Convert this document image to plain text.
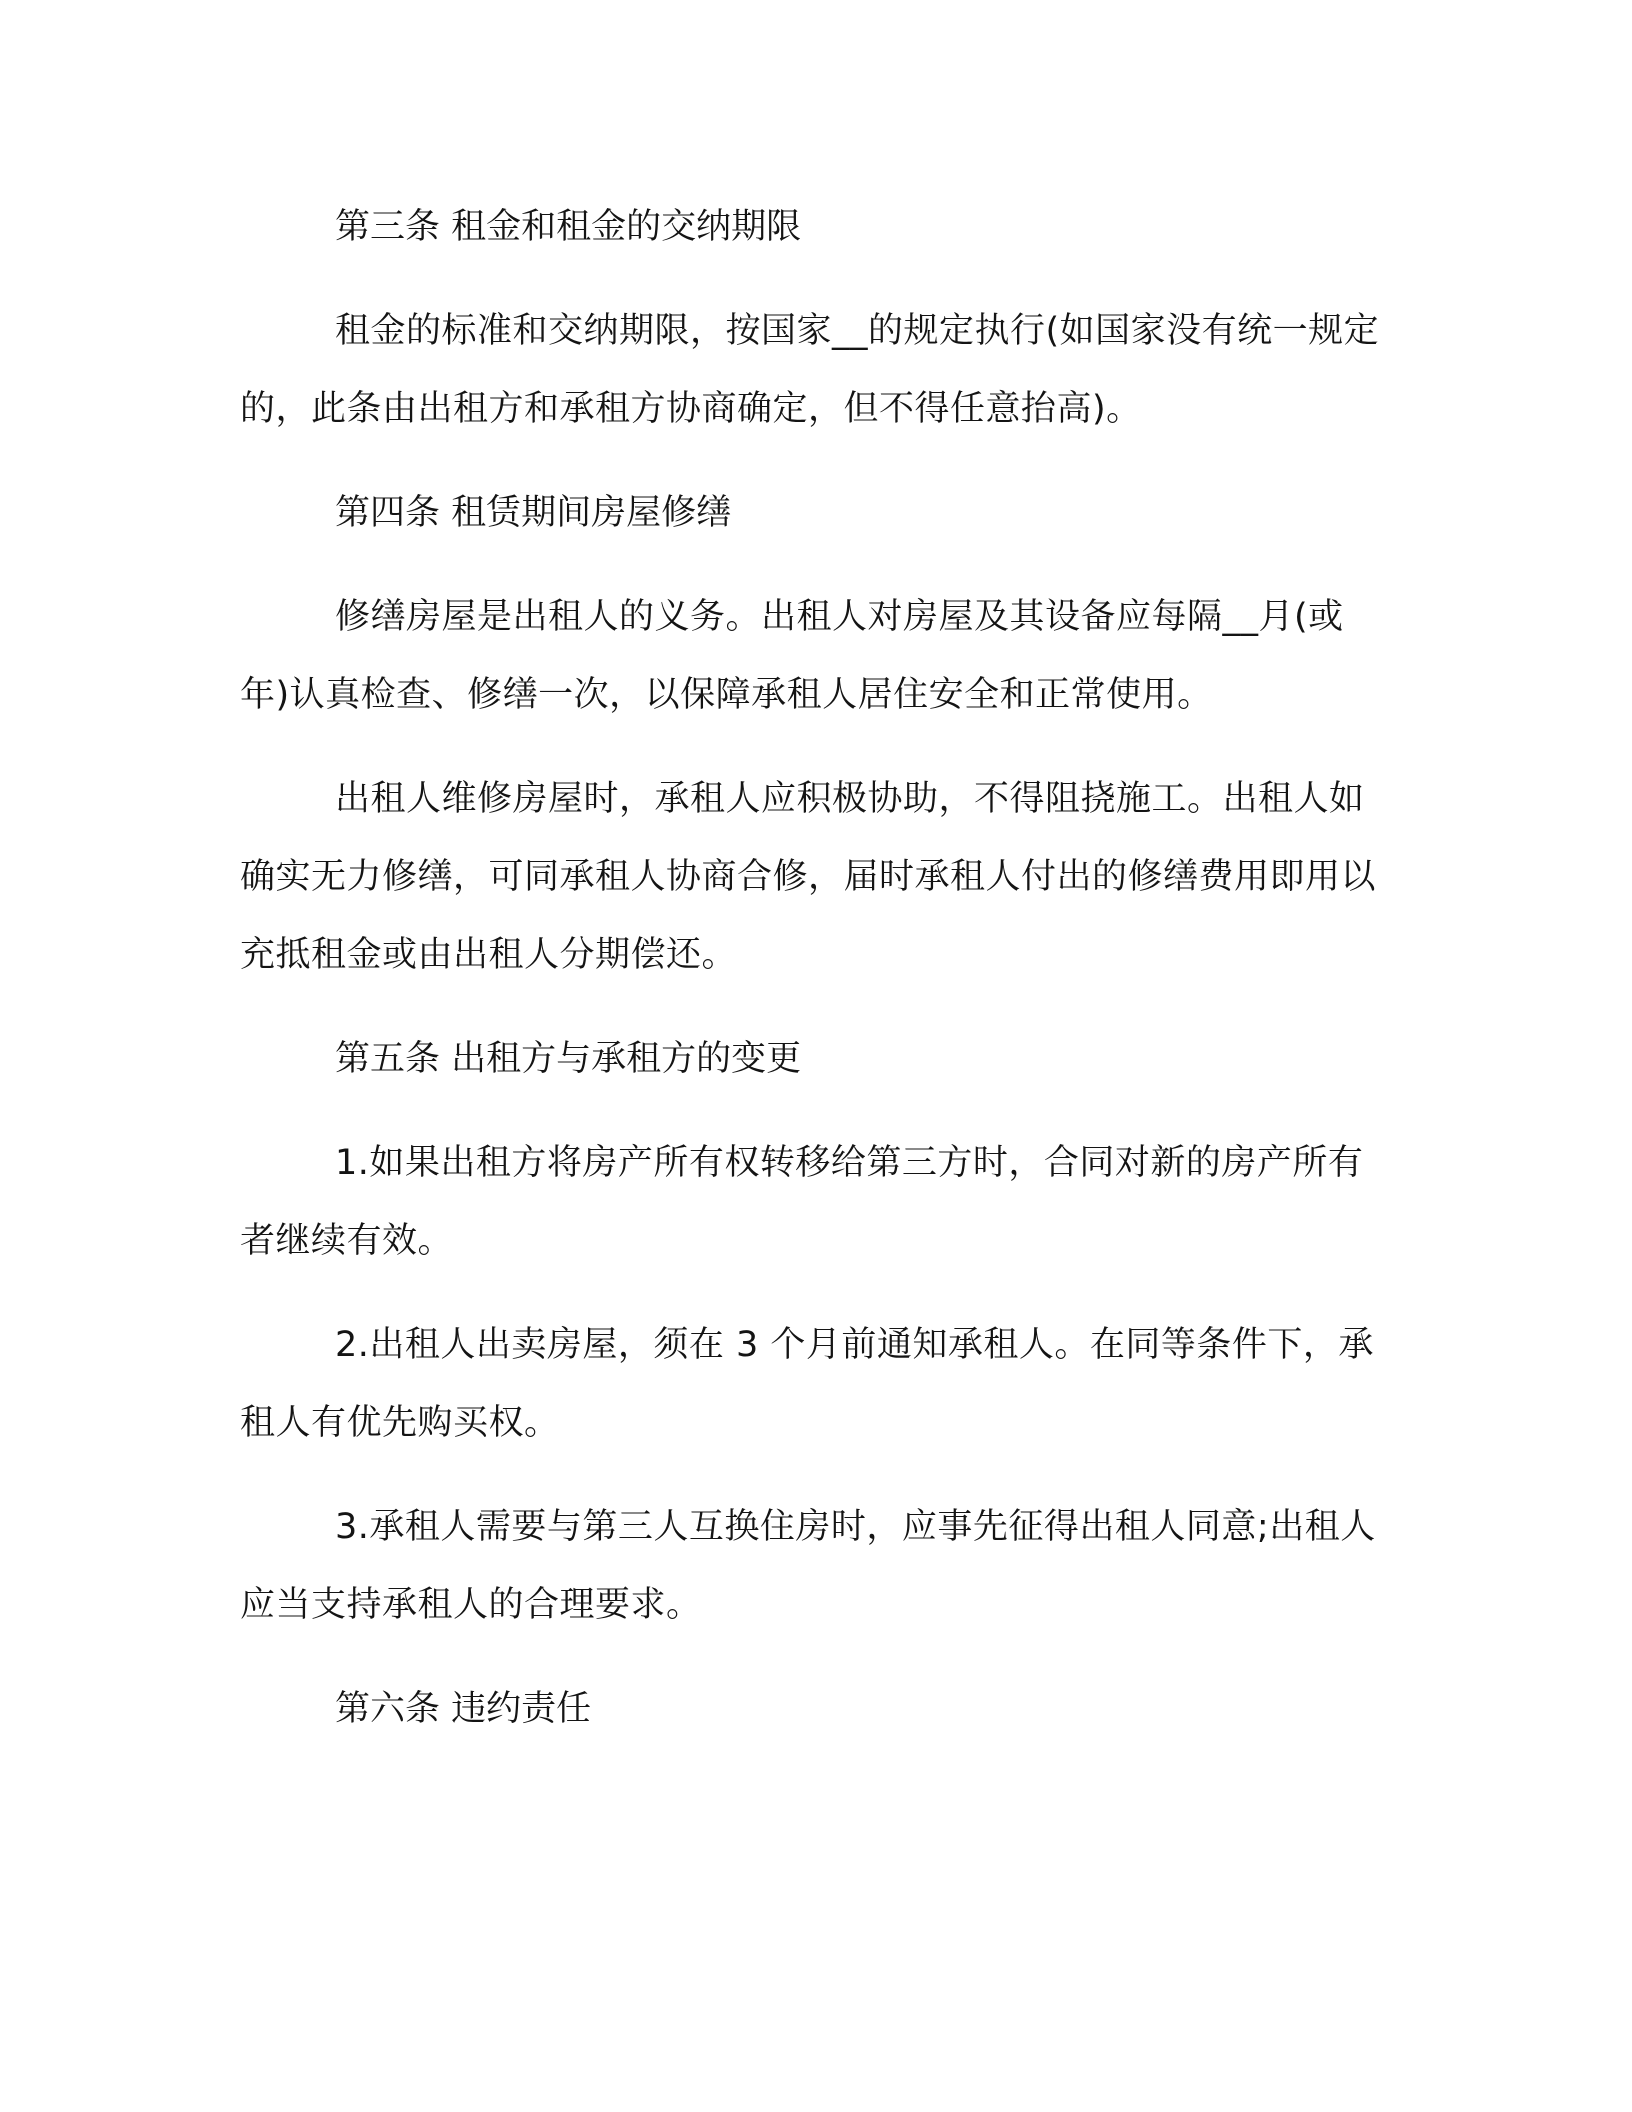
第三条 租金和租金的交纳期限

租金的标准和交纳期限，按国家__的规定执行(如国家没有统一规定的，此条由出租方和承租方协商确定，但不得任意抬高)。

第四条 租赁期间房屋修缮

修缮房屋是出租人的义务。出租人对房屋及其设备应每隔__月(或年)认真检查、修缮一次，以保障承租人居住安全和正常使用。

出租人维修房屋时，承租人应积极协助，不得阻挠施工。出租人如确实无力修缮，可同承租人协商合修，届时承租人付出的修缮费用即用以充抵租金或由出租人分期偿还。

第五条 出租方与承租方的变更

1.如果出租方将房产所有权转移给第三方时，合同对新的房产所有者继续有效。

2.出租人出卖房屋，须在 3 个月前通知承租人。在同等条件下，承租人有优先购买权。

3.承租人需要与第三人互换住房时，应事先征得出租人同意;出租人应当支持承租人的合理要求。

第六条 违约责任
